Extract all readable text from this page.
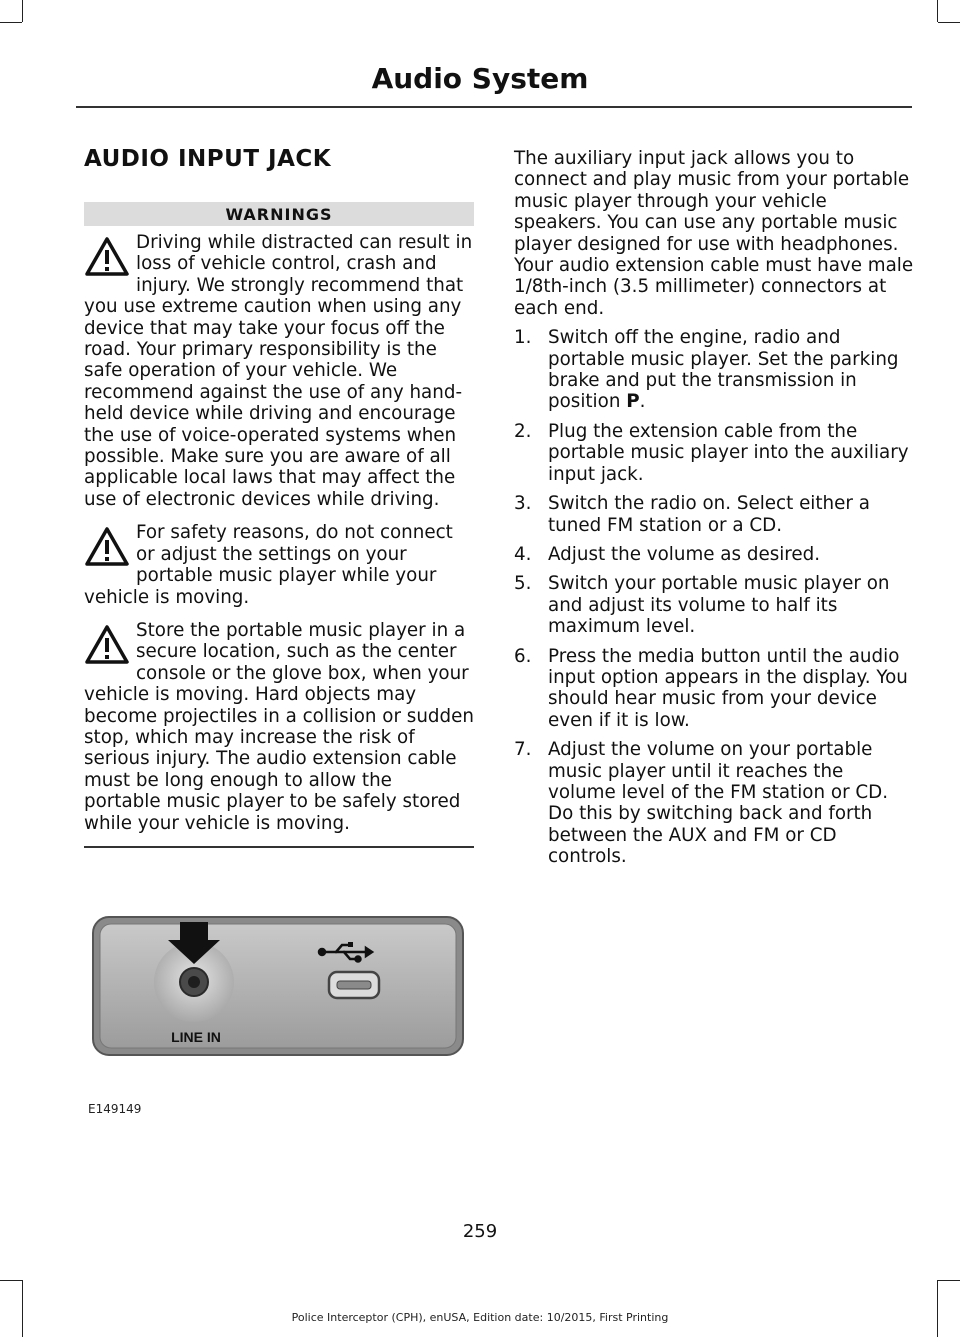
Audio System
AUDIO INPUT JACK
WARNINGS
Driving while distracted can result in loss of vehicle control, crash and injury. We strongly recommend that you use extreme caution when using any device that may take your focus off the road. Your primary responsibility is the safe operation of your vehicle. We recommend against the use of any hand-held device while driving and encourage the use of voice-operated systems when possible. Make sure you are aware of all applicable local laws that may affect the use of electronic devices while driving.
For safety reasons, do not connect or adjust the settings on your portable music player while your vehicle is moving.
Store the portable music player in a secure location, such as the center console or the glove box, when your vehicle is moving. Hard objects may become projectiles in a collision or sudden stop, which may increase the risk of serious injury. The audio extension cable must be long enough to allow the portable music player to be safely stored while your vehicle is moving.

The auxiliary input jack allows you to connect and play music from your portable music player through your vehicle speakers. You can use any portable music player designed for use with headphones. Your audio extension cable must have male 1/8th-inch (3.5 millimeter) connectors at each end.

1. Switch off the engine, radio and portable music player. Set the parking brake and put the transmission in position P.
2. Plug the extension cable from the portable music player into the auxiliary input jack.
3. Switch the radio on. Select either a tuned FM station or a CD.
4. Adjust the volume as desired.
5. Switch your portable music player on and adjust its volume to half its maximum level.
6. Press the media button until the audio input option appears in the display. You should hear music from your device even if it is low.
7. Adjust the volume on your portable music player until it reaches the volume level of the FM station or CD. Do this by switching back and forth between the AUX and FM or CD controls.
LINE IN
E149149
259
Police Interceptor (CPH), enUSA, Edition date: 10/2015, First Printing
